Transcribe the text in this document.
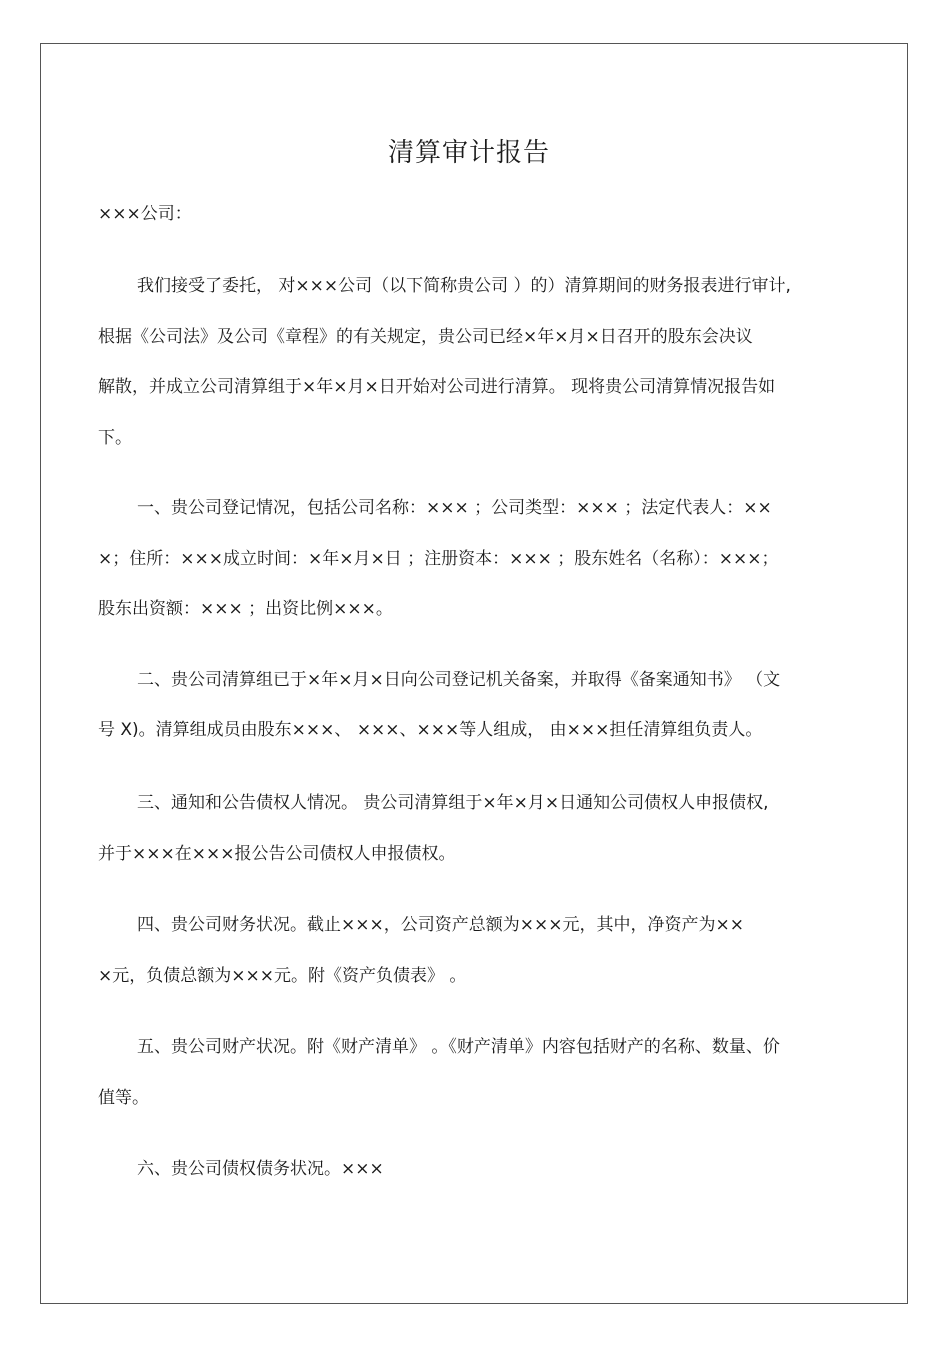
清算审计报告
×××公司：
我们接受了委托， 对×××公司（以下简称贵公司 ）的）清算期间的财务报表进行审计,
根据《公司法》及公司《章程》的有关规定，贵公司已经×年×月×日召开的股东会决议
解散，并成立公司清算组于×年×月×日开始对公司进行清算。 现将贵公司清算情况报告如
下。
一、贵公司登记情况，包括公司名称：××× ；公司类型：××× ；法定代表人：××
×；住所：×××成立时间：×年×月×日 ；注册资本：××× ；股东姓名（名称）：×××；
股东出资额：××× ；出资比例×××。
二、贵公司清算组已于×年×月×日向公司登记机关备案，并取得《备案通知书》 （文
号 X)。清算组成员由股东×××、 ×××、×××等人组成， 由×××担任清算组负责人。
三、通知和公告债权人情况。 贵公司清算组于×年×月×日通知公司债权人申报债权,
并于×××在×××报公告公司债权人申报债权。
四、贵公司财务状况。截止×××，公司资产总额为×××元，其中，净资产为××
×元，负债总额为×××元。附《资产负债表》 。
五、贵公司财产状况。附《财产清单》 。《财产清单》内容包括财产的名称、数量、价
值等。
六、贵公司债权债务状况。×××
